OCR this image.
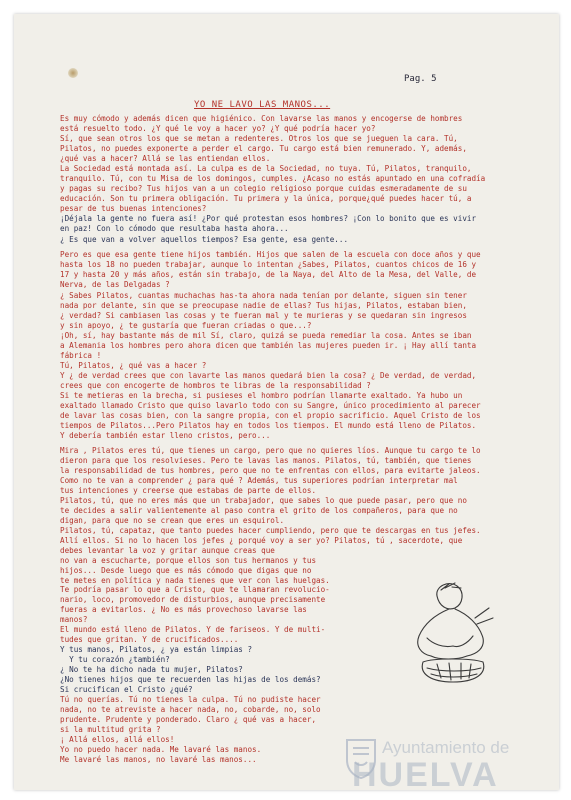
Pag. 5
YO NE LAVO LAS MANOS...

Es muy cómodo y además dicen que higiénico. Con lavarse las manos y encogerse de hombres
está resuelto todo. ¿Y qué le voy a hacer yo? ¿Y qué podría hacer yo?
Sí, que sean otros los que se metan a redenteres. Otros los que se jueguen la cara. Tú,
Pilatos, no puedes exponerte a perder el cargo. Tu cargo está bien remunerado. Y, además,
¿qué vas a hacer? Allá se las entiendan ellos.

La Sociedad está montada así. La culpa es de la Sociedad, no tuya. Tú, Pilatos, tranquilo,
tranquilo. Tú, con tu Misa de los domingos, cumples. ¿Acaso no estás apuntado en una cofradía
y pagas su recibo? Tus hijos van a un colegio religioso porque cuidas esmeradamente de su
educación. Son tu primera obligación. Tu primera y la única, porque¿qué puedes hacer tú, a
pesar de tus buenas intenciones?

¡Déjala la gente no fuera así! ¿Por qué protestan esos hombres? ¡Con lo bonito que es vivir
en paz! Con lo cómodo que resultaba hasta ahora...

¿ Es que van a volver aquellos tiempos? Esa gente, esa gente...

Pero es que esa gente tiene hijos también. Hijos que salen de la escuela con doce años y que
hasta los 18 no pueden trabajar, aunque lo intentan ¿Sabes, Pilatos, cuantos chicos de 16 y
17 y hasta 20 y más años, están sin trabajo, de la Naya, del Alto de la Mesa, del Valle, de
Nerva, de las Delgadas ?

¿ Sabes Pilatos, cuantas muchachas has-ta ahora nada tenían por delante, siguen sin tener
nada por delante, sin que se preocupase nadie de ellas? Tus hijas, Pilatos, estaban bien,
¿ verdad? Si cambiasen las cosas y te fueran mal y te murieras y se quedaran sin ingresos
y sin apoyo, ¿ te gustaría que fueran criadas o que...?

¡Oh, sí, hay bastante más de mil Sí, claro, quizá se pueda remediar la cosa. Antes se iban
a Alemania los hombres pero ahora dicen que también las mujeres pueden ir. ¡ Hay allí tanta
fábrica !

Tú, Pilatos, ¿ qué vas a hacer ?

Y ¿ de verdad crees que con lavarte las manos quedará bien la cosa? ¿ De verdad, de verdad,
crees que con encogerte de hombros te libras de la responsabilidad ?

Si te metieras en la brecha, si pusieses el hombro podrían llamarte exaltado. Ya hubo un
exaltado llamado Cristo que quiso lavarlo todo con su Sangre, único procedimiento al parecer
de lavar las cosas bien, con la sangre propia, con el propio sacrificio. Aquel Cristo de los
tiempos de Pilatos...Pero Pilatos hay en todos los tiempos. El mundo está lleno de Pilatos.
Y debería también estar lleno cristos, pero...

Mira , Pilatos eres tú, que tienes un cargo, pero que no quieres líos. Aunque tu cargo te lo
dieron para que los resolvieses. Pero te lavas las manos. Pilatos, tú, también, que tienes
la responsabilidad de tus hombres, pero que no te enfrentas con ellos, para evitarte jaleos.
Como no te van a comprender ¿ para qué ? Además, tus superiores podrían interpretar mal
tus intenciones y creerse que estabas de parte de ellos.

Pilatos, tú, que no eres más que un trabajador, que sabes lo que puede pasar, pero que no
te decides a salir valientemente al paso contra el grito de los compañeros, para que no
digan, para que no se crean que eres un esquirol.

Pilatos, tú, capataz, que tanto puedes hacer cumpliendo, pero que te descargas en tus jefes.
Allí ellos. Si no lo hacen los jefes ¿ porqué voy a ser yo? Pilatos, tú , sacerdote, que
debes levantar la voz y gritar aunque creas que
no van a escucharte, porque ellos son tus hermanos y tus
hijos... Desde luego que es más cómodo que digas que no
te metes en política y nada tienes que ver con las huelgas.

Te podría pasar lo que a Cristo, que te llamaran revolucio-
nario, loco, promovedor de disturbios, aunque precisamente
fueras a evitarlos. ¿ No es más provechoso lavarse las
manos?

El mundo está lleno de Pilatos. Y de fariseos. Y de multi-
tudes que gritan. Y de crucificados....

Y tus manos, Pilatos, ¿ ya están limpias ?
Y tu corazón ¿también?
¿ No te ha dicho nada tu mujer, Pilatos?

¿No tienes hijos que te recuerden las hijas de los demás?
Si crucifican el Cristo ¿qué?

Tú no querías. Tú no tienes la culpa. Tú no pudiste hacer
nada, no te atreviste a hacer nada, no, cobarde, no, solo
prudente. Prudente y ponderado. Claro ¿ qué vas a hacer,
si la multitud grita ?

¡ Allá ellos, allá ellos!
Yo no puedo hacer nada. Me lavaré las manos.
Me lavaré las manos, no lavaré las manos...

Ayuntamiento de
HUELVA
